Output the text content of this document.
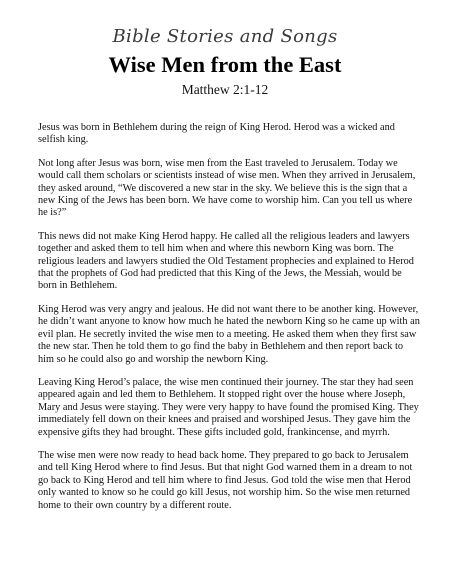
Bible Stories and Songs
Wise Men from the East
Matthew 2:1-12

Jesus was born in Bethlehem during the reign of King Herod. Herod was a wicked and selfish king.

Not long after Jesus was born, wise men from the East traveled to Jerusalem. Today we would call them scholars or scientists instead of wise men. When they arrived in Jerusalem, they asked around, “We discovered a new star in the sky. We believe this is the sign that a new King of the Jews has been born. We have come to worship him. Can you tell us where he is?”

This news did not make King Herod happy. He called all the religious leaders and lawyers together and asked them to tell him when and where this newborn King was born. The religious leaders and lawyers studied the Old Testament prophecies and explained to Herod that the prophets of God had predicted that this King of the Jews, the Messiah, would be born in Bethlehem.

King Herod was very angry and jealous. He did not want there to be another king. However, he didn’t want anyone to know how much he hated the newborn King so he came up with an evil plan. He secretly invited the wise men to a meeting. He asked them when they first saw the new star. Then he told them to go find the baby in Bethlehem and then report back to him so he could also go and worship the newborn King.

Leaving King Herod’s palace, the wise men continued their journey. The star they had seen appeared again and led them to Bethlehem. It stopped right over the house where Joseph, Mary and Jesus were staying. They were very happy to have found the promised King. They immediately fell down on their knees and praised and worshiped Jesus. They gave him the expensive gifts they had brought. These gifts included gold, frankincense, and myrrh.

The wise men were now ready to head back home. They prepared to go back to Jerusalem and tell King Herod where to find Jesus. But that night God warned them in a dream to not go back to King Herod and tell him where to find Jesus. God told the wise men that Herod only wanted to know so he could go kill Jesus, not worship him. So the wise men returned home to their own country by a different route.
